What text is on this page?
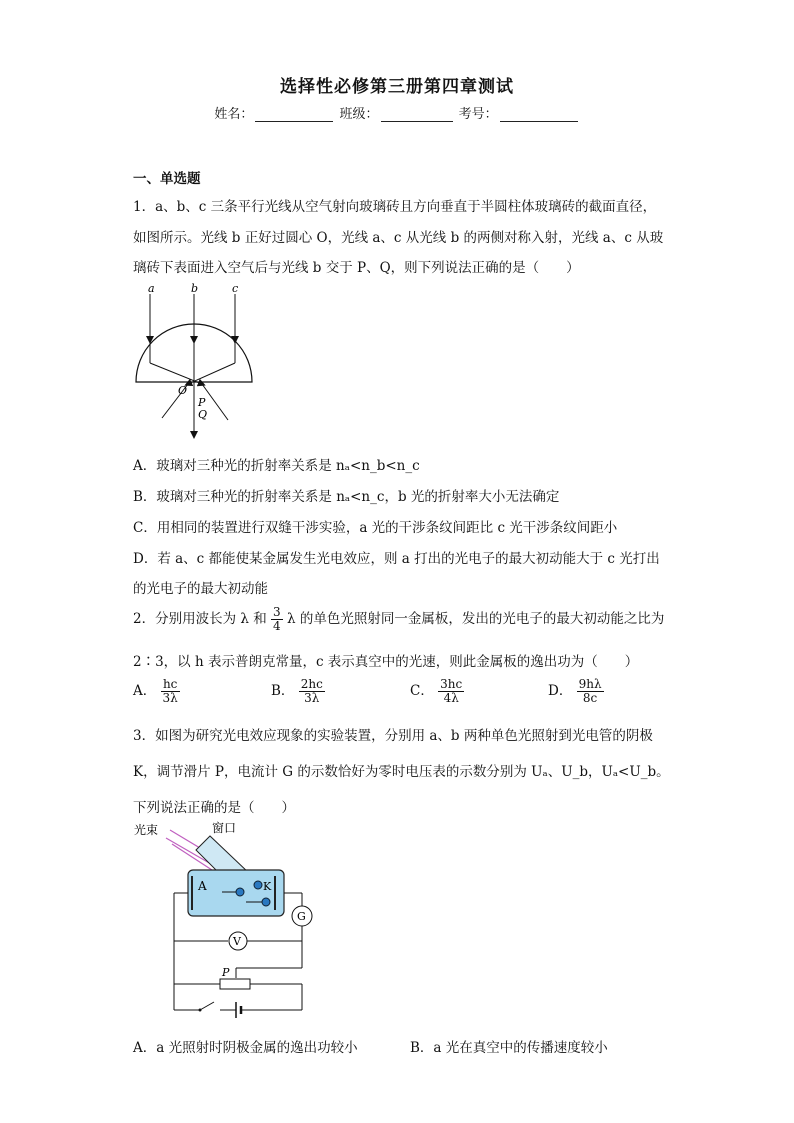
选择性必修第三册第四章测试
姓名：	班级：	考号：
一、单选题
1．a、b、c 三条平行光线从空气射向玻璃砖且方向垂直于半圆柱体玻璃砖的截面直径，
如图所示。光线 b 正好过圆心 O，光线 a、c 从光线 b 的两侧对称入射，光线 a、c 从玻
璃砖下表面进入空气后与光线 b 交于 P、Q，则下列说法正确的是（　　）
a	b	c
O
P
Q
A．玻璃对三种光的折射率关系是 nₐ<n_b<n_c
B．玻璃对三种光的折射率关系是 nₐ<n_c，b 光的折射率大小无法确定
C．用相同的装置进行双缝干涉实验，a 光的干涉条纹间距比 c 光干涉条纹间距小
D．若 a、c 都能使某金属发生光电效应，则 a 打出的光电子的最大初动能大于 c 光打出
的光电子的最大初动能
2．分别用波长为 λ 和 $\frac{3}{4}$ λ 的单色光照射同一金属板，发出的光电子的最大初动能之比为
2∶3，以 h 表示普朗克常量，c 表示真空中的光速，则此金属板的逸出功为（　　）
A． $\frac{hc}{3\lambda}$	B． $\frac{2hc}{3\lambda}$	C． $\frac{3hc}{4\lambda}$	D． $\frac{9h\lambda}{8c}$
3．如图为研究光电效应现象的实验装置，分别用 a、b 两种单色光照射到光电管的阴极
K，调节滑片 P，电流计 G 的示数恰好为零时电压表的示数分别为 Uₐ、U_b，Uₐ<U_b。
下列说法正确的是（　　）
光束	窗口
A	K
G
V
P
A．a 光照射时阴极金属的逸出功较小	B．a 光在真空中的传播速度较小
